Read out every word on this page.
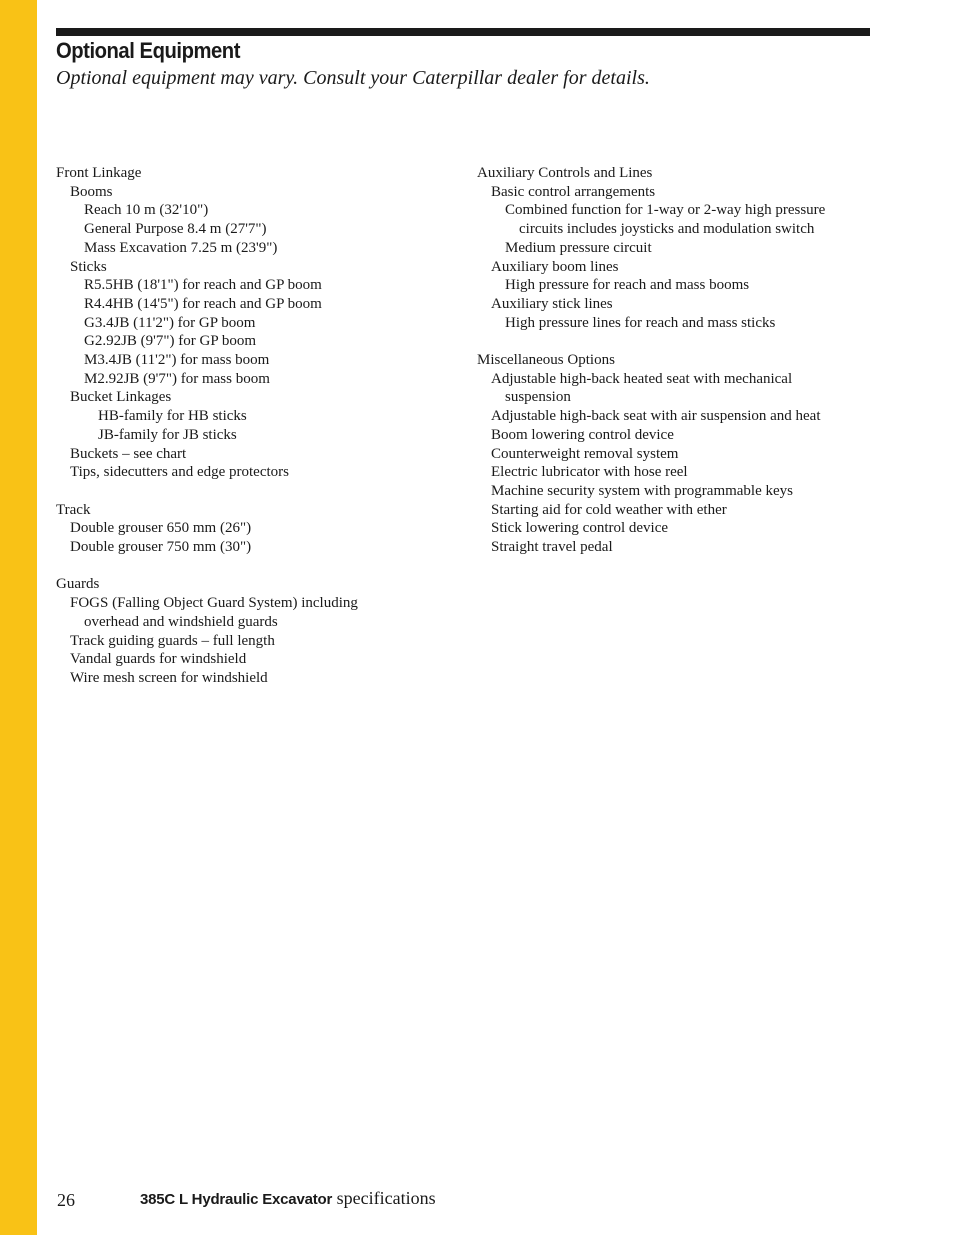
Optional Equipment
Optional equipment may vary. Consult your Caterpillar dealer for details.
Front Linkage
Booms
Reach 10 m (32'10")
General Purpose 8.4 m (27'7")
Mass Excavation 7.25 m (23'9")
Sticks
R5.5HB (18'1") for reach and GP boom
R4.4HB (14'5") for reach and GP boom
G3.4JB (11'2") for GP boom
G2.92JB (9'7") for GP boom
M3.4JB (11'2") for mass boom
M2.92JB (9'7") for mass boom
Bucket Linkages
HB-family for HB sticks
JB-family for JB sticks
Buckets – see chart
Tips, sidecutters and edge protectors
Track
Double grouser 650 mm (26")
Double grouser 750 mm (30")
Guards
FOGS (Falling Object Guard System) including
overhead and windshield guards
Track guiding guards – full length
Vandal guards for windshield
Wire mesh screen for windshield
Auxiliary Controls and Lines
Basic control arrangements
Combined function for 1-way or 2-way high pressure
circuits includes joysticks and modulation switch
Medium pressure circuit
Auxiliary boom lines
High pressure for reach and mass booms
Auxiliary stick lines
High pressure lines for reach and mass sticks
Miscellaneous Options
Adjustable high-back heated seat with mechanical
suspension
Adjustable high-back seat with air suspension and heat
Boom lowering control device
Counterweight removal system
Electric lubricator with hose reel
Machine security system with programmable keys
Starting aid for cold weather with ether
Stick lowering control device
Straight travel pedal
26	385C L Hydraulic Excavator specifications
